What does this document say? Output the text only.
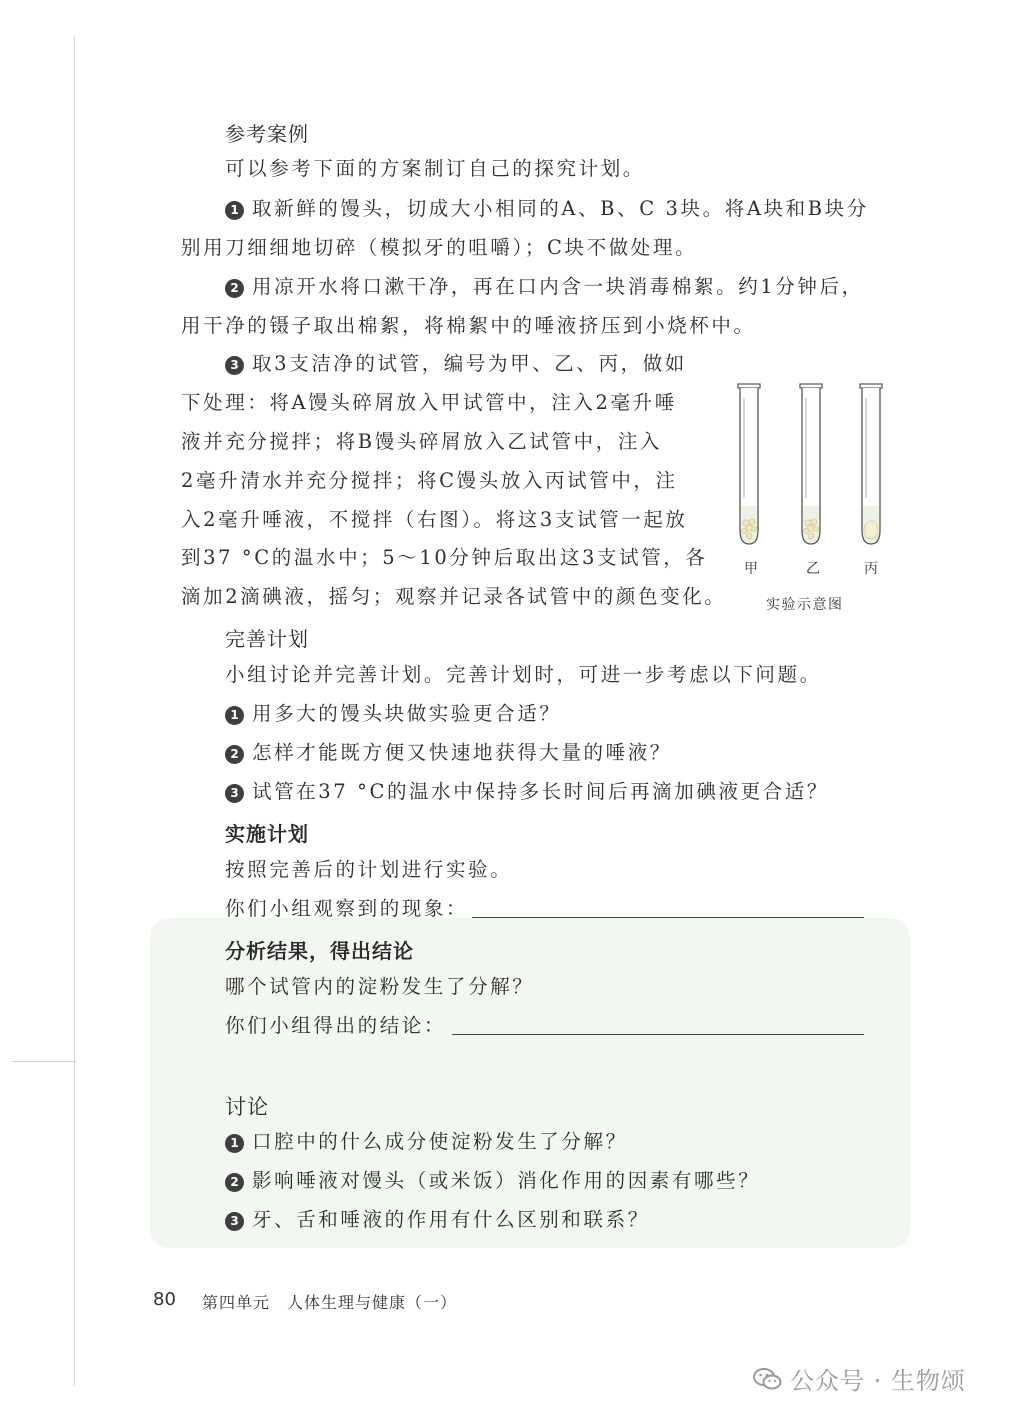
参考案例
可以参考下面的方案制订自己的探究计划。
1 取新鲜的馒头，切成大小相同的A、B、C 3块。将A块和B块分
别用刀细细地切碎（模拟牙的咀嚼）；C块不做处理。
2 用凉开水将口漱干净，再在口内含一块消毒棉絮。约1分钟后，
用干净的镊子取出棉絮，将棉絮中的唾液挤压到小烧杯中。
3 取3支洁净的试管，编号为甲、乙、丙，做如
下处理：将A馒头碎屑放入甲试管中，注入2毫升唾
液并充分搅拌；将B馒头碎屑放入乙试管中，注入
2毫升清水并充分搅拌；将C馒头放入丙试管中，注
入2毫升唾液，不搅拌（右图）。将这3支试管一起放
到37 °C的温水中；5～10分钟后取出这3支试管，各
滴加2滴碘液，摇匀；观察并记录各试管中的颜色变化。
甲	乙	丙
实验示意图
完善计划
小组讨论并完善计划。完善计划时，可进一步考虑以下问题。
1 用多大的馒头块做实验更合适？
2 怎样才能既方便又快速地获得大量的唾液？
3 试管在37 °C的温水中保持多长时间后再滴加碘液更合适？
实施计划
按照完善后的计划进行实验。
你们小组观察到的现象：
分析结果，得出结论
哪个试管内的淀粉发生了分解？
你们小组得出的结论：
讨论
1 口腔中的什么成分使淀粉发生了分解？
2 影响唾液对馒头（或米饭）消化作用的因素有哪些？
3 牙、舌和唾液的作用有什么区别和联系？
80 第四单元　人体生理与健康（一）
公众号 · 生物颂
